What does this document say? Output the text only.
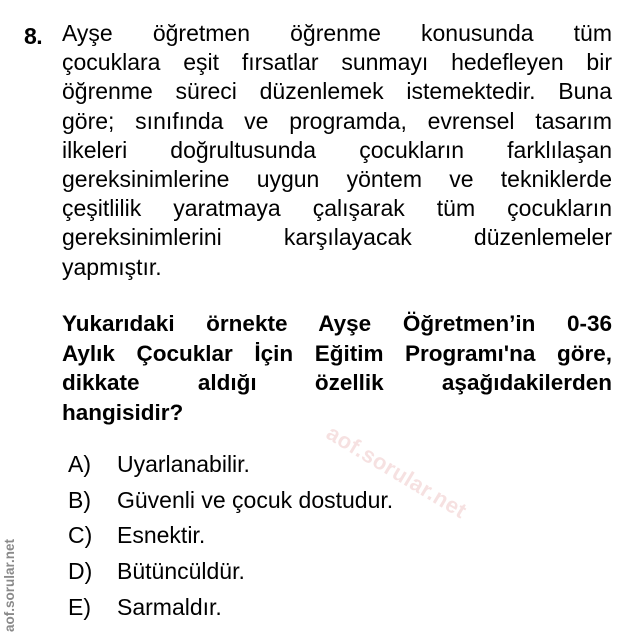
8. Ayşe öğretmen öğrenme konusunda tüm
çocuklara eşit fırsatlar sunmayı hedefleyen bir
öğrenme süreci düzenlemek istemektedir. Buna
göre; sınıfında ve programda, evrensel tasarım
ilkeleri doğrultusunda çocukların farklılaşan
gereksinimlerine uygun yöntem ve tekniklerde
çeşitlilik yaratmaya çalışarak tüm çocukların
gereksinimlerini karşılayacak düzenlemeler
yapmıştır.
Yukarıdaki örnekte Ayşe Öğretmen’in 0-36
Aylık Çocuklar İçin Eğitim Programı'na göre,
dikkate aldığı özellik aşağıdakilerden
hangisidir?
A)	Uyarlanabilir.
B)	Güvenli ve çocuk dostudur.
C)	Esnektir.
D)	Bütüncüldür.
E)	Sarmaldır.
aof.sorular.net
aof.sorular.net
